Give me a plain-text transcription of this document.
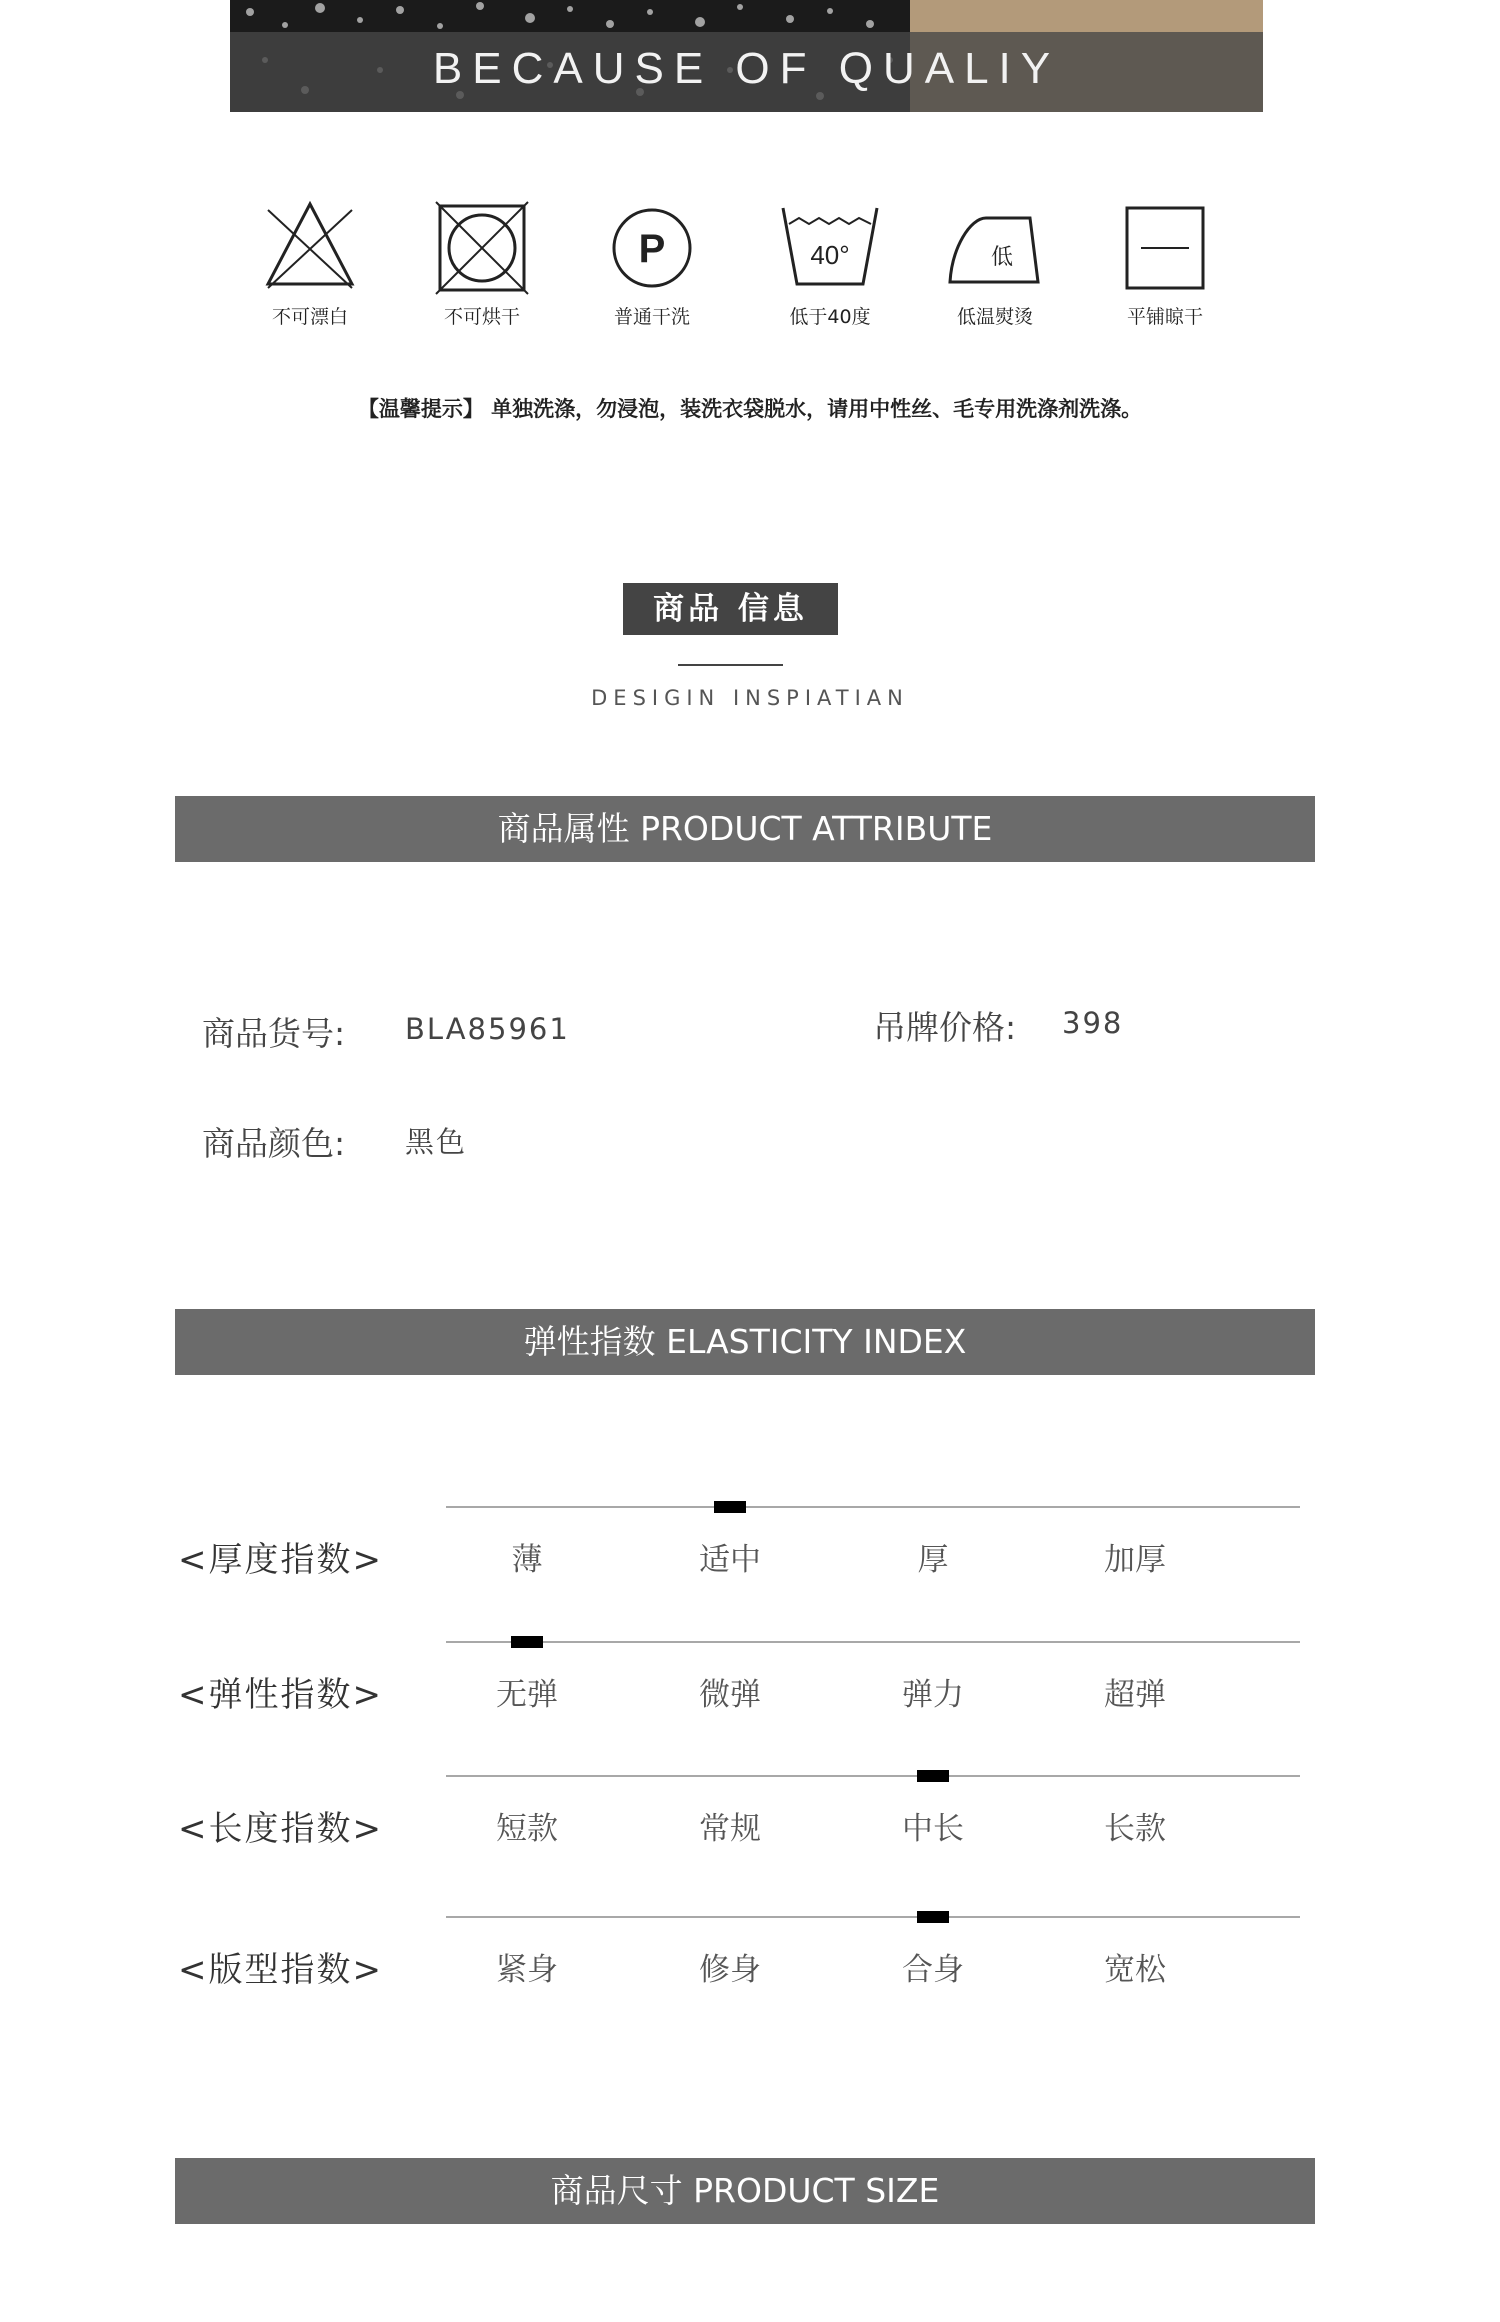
BECAUSE OF QUALIY
不可漂白	不可烘干
P
普通干洗
40°
低于40度
低
低温熨烫	平铺晾干
【温馨提示】 单独洗涤，勿浸泡，装洗衣袋脱水，请用中性丝、毛专用洗涤剂洗涤。
商品 信息
DESIGIN INSPIATIAN
商品属性 PRODUCT ATTRIBUTE
商品货号: BLA85961	吊牌价格: 398
商品颜色: 黑色
弹性指数 ELASTICITY INDEX
<厚度指数>	薄	适中	厚	加厚
<弹性指数>	无弹	微弹	弹力	超弹
<长度指数>	短款	常规	中长	长款
<版型指数>	紧身	修身	合身	宽松
商品尺寸 PRODUCT SIZE
